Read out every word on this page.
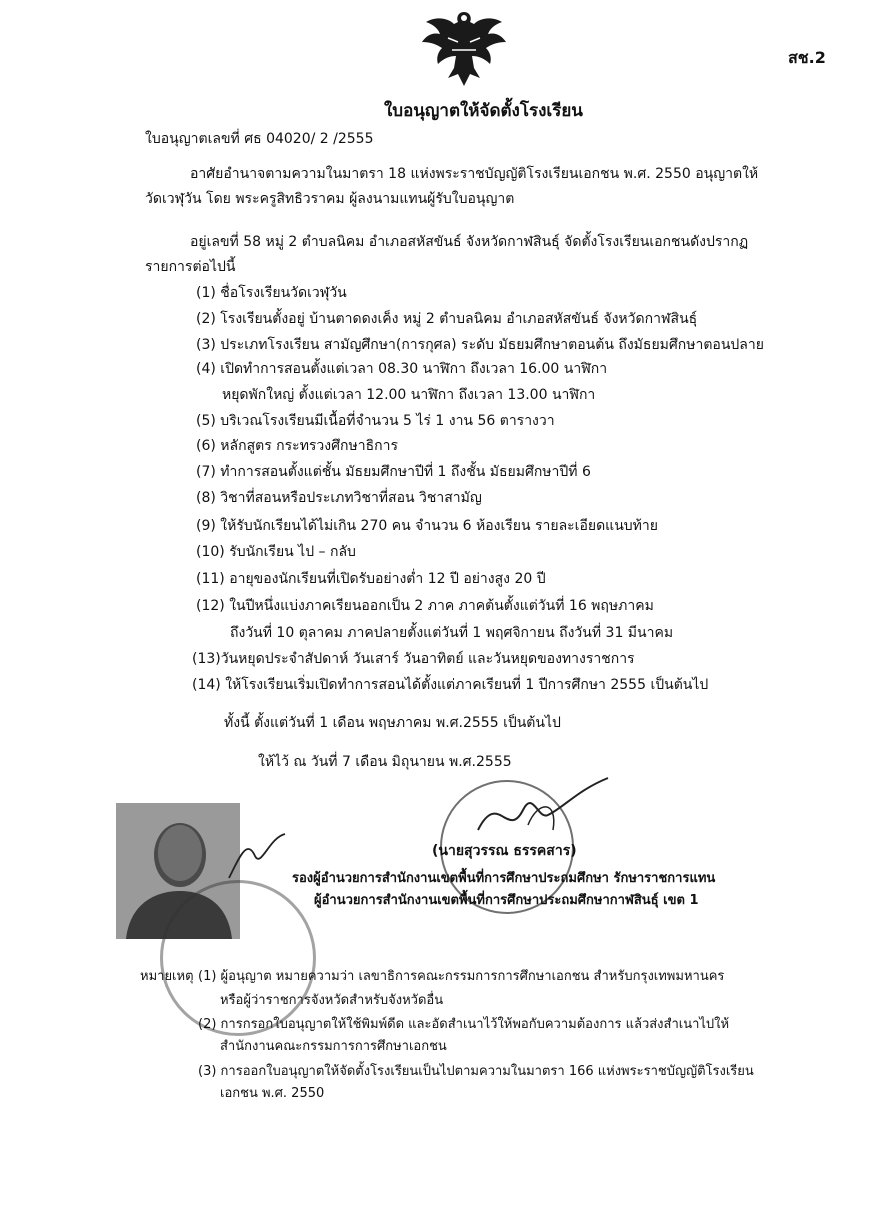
สช.2
ใบอนุญาตให้จัดตั้งโรงเรียน
ใบอนุญาตเลขที่ ศธ 04020/ 2 /2555
อาศัยอำนาจตามความในมาตรา 18 แห่งพระราชบัญญัติโรงเรียนเอกชน พ.ศ. 2550 อนุญาตให้
วัดเวฬุวัน โดย พระครูสิทธิวราคม ผู้ลงนามแทนผู้รับใบอนุญาต
อยู่เลขที่ 58 หมู่ 2 ตำบลนิคม อำเภอสหัสขันธ์ จังหวัดกาฬสินธุ์ จัดตั้งโรงเรียนเอกชนดังปรากฏ
รายการต่อไปนี้
(1) ชื่อโรงเรียนวัดเวฬุวัน
(2) โรงเรียนตั้งอยู่ บ้านตาดดงเค็ง หมู่ 2 ตำบลนิคม อำเภอสหัสขันธ์ จังหวัดกาฬสินธุ์
(3) ประเภทโรงเรียน สามัญศึกษา(การกุศล) ระดับ มัธยมศึกษาตอนต้น ถึงมัธยมศึกษาตอนปลาย
(4) เปิดทำการสอนตั้งแต่เวลา 08.30 นาฬิกา ถึงเวลา 16.00 นาฬิกา
หยุดพักใหญ่ ตั้งแต่เวลา 12.00 นาฬิกา ถึงเวลา 13.00 นาฬิกา
(5) บริเวณโรงเรียนมีเนื้อที่จำนวน 5 ไร่ 1 งาน 56 ตารางวา
(6) หลักสูตร กระทรวงศึกษาธิการ
(7) ทำการสอนตั้งแต่ชั้น มัธยมศึกษาปีที่ 1 ถึงชั้น มัธยมศึกษาปีที่ 6
(8) วิชาที่สอนหรือประเภทวิชาที่สอน วิชาสามัญ
(9) ให้รับนักเรียนได้ไม่เกิน 270 คน จำนวน 6 ห้องเรียน รายละเอียดแนบท้าย
(10) รับนักเรียน ไป – กลับ
(11) อายุของนักเรียนที่เปิดรับอย่างต่ำ 12 ปี อย่างสูง 20 ปี
(12) ในปีหนึ่งแบ่งภาคเรียนออกเป็น 2 ภาค ภาคต้นตั้งแต่วันที่ 16 พฤษภาคม
ถึงวันที่ 10 ตุลาคม ภาคปลายตั้งแต่วันที่ 1 พฤศจิกายน ถึงวันที่ 31 มีนาคม
(13)วันหยุดประจำสัปดาห์ วันเสาร์ วันอาทิตย์ และวันหยุดของทางราชการ
(14) ให้โรงเรียนเริ่มเปิดทำการสอนได้ตั้งแต่ภาคเรียนที่ 1 ปีการศึกษา 2555 เป็นต้นไป
ทั้งนี้ ตั้งแต่วันที่ 1 เดือน พฤษภาคม พ.ศ.2555 เป็นต้นไป
ให้ไว้ ณ วันที่ 7 เดือน มิถุนายน พ.ศ.2555
(นายสุวรรณ ธรรคสาร)
รองผู้อำนวยการสำนักงานเขตพื้นที่การศึกษาประถมศึกษา รักษาราชการแทน
ผู้อำนวยการสำนักงานเขตพื้นที่การศึกษาประถมศึกษากาฬสินธุ์ เขต 1
หมายเหตุ (1) ผู้อนุญาต หมายความว่า เลขาธิการคณะกรรมการการศึกษาเอกชน สำหรับกรุงเทพมหานคร
หรือผู้ว่าราชการจังหวัดสำหรับจังหวัดอื่น
(2) การกรอกใบอนุญาตให้ใช้พิมพ์ดีด และอัดสำเนาไว้ให้พอกับความต้องการ แล้วส่งสำเนาไปให้
สำนักงานคณะกรรมการการศึกษาเอกชน
(3) การออกใบอนุญาตให้จัดตั้งโรงเรียนเป็นไปตามความในมาตรา 166 แห่งพระราชบัญญัติโรงเรียน
เอกชน พ.ศ. 2550
